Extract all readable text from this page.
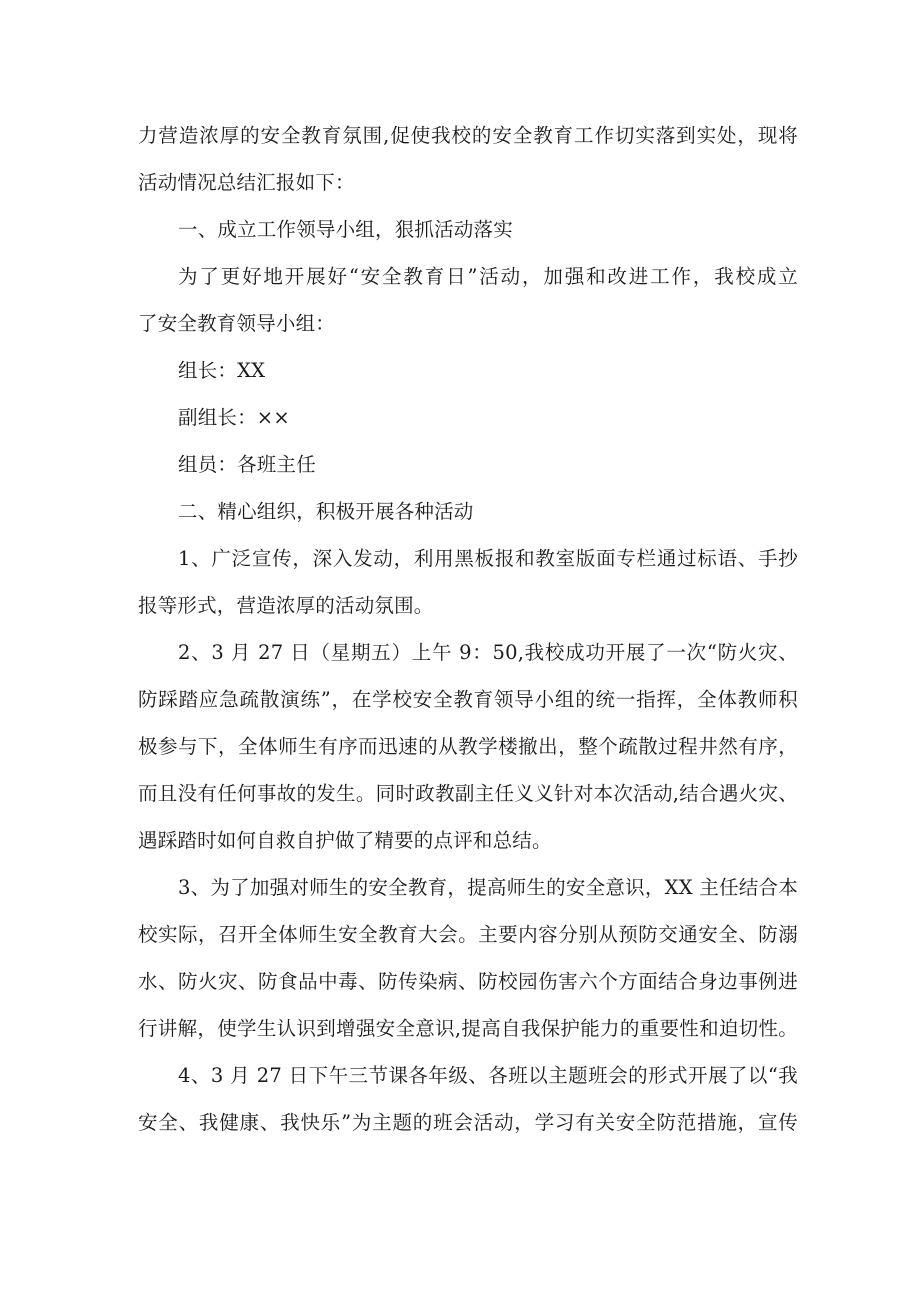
力营造浓厚的安全教育氛围,促使我校的安全教育工作切实落到实处，现将
活动情况总结汇报如下：
一、成立工作领导小组，狠抓活动落实
为了更好地开展好“安全教育日”活动，加强和改进工作，我校成立
了安全教育领导小组：
组长：XX
副组长：××
组员：各班主任
二、精心组织，积极开展各种活动
1、广泛宣传，深入发动，利用黑板报和教室版面专栏通过标语、手抄
报等形式，营造浓厚的活动氛围。
2、3 月 27 日（星期五）上午 9：50,我校成功开展了一次“防火灾、
防踩踏应急疏散演练”，在学校安全教育领导小组的统一指挥，全体教师积
极参与下，全体师生有序而迅速的从教学楼撤出，整个疏散过程井然有序，
而且没有任何事故的发生。同时政教副主任义义针对本次活动,结合遇火灾、
遇踩踏时如何自救自护做了精要的点评和总结。
3、为了加强对师生的安全教育，提高师生的安全意识，XX 主任结合本
校实际，召开全体师生安全教育大会。主要内容分别从预防交通安全、防溺
水、防火灾、防食品中毒、防传染病、防校园伤害六个方面结合身边事例进
行讲解，使学生认识到增强安全意识,提高自我保护能力的重要性和迫切性。
4、3 月 27 日下午三节课各年级、各班以主题班会的形式开展了以“我
安全、我健康、我快乐”为主题的班会活动，学习有关安全防范措施，宣传
